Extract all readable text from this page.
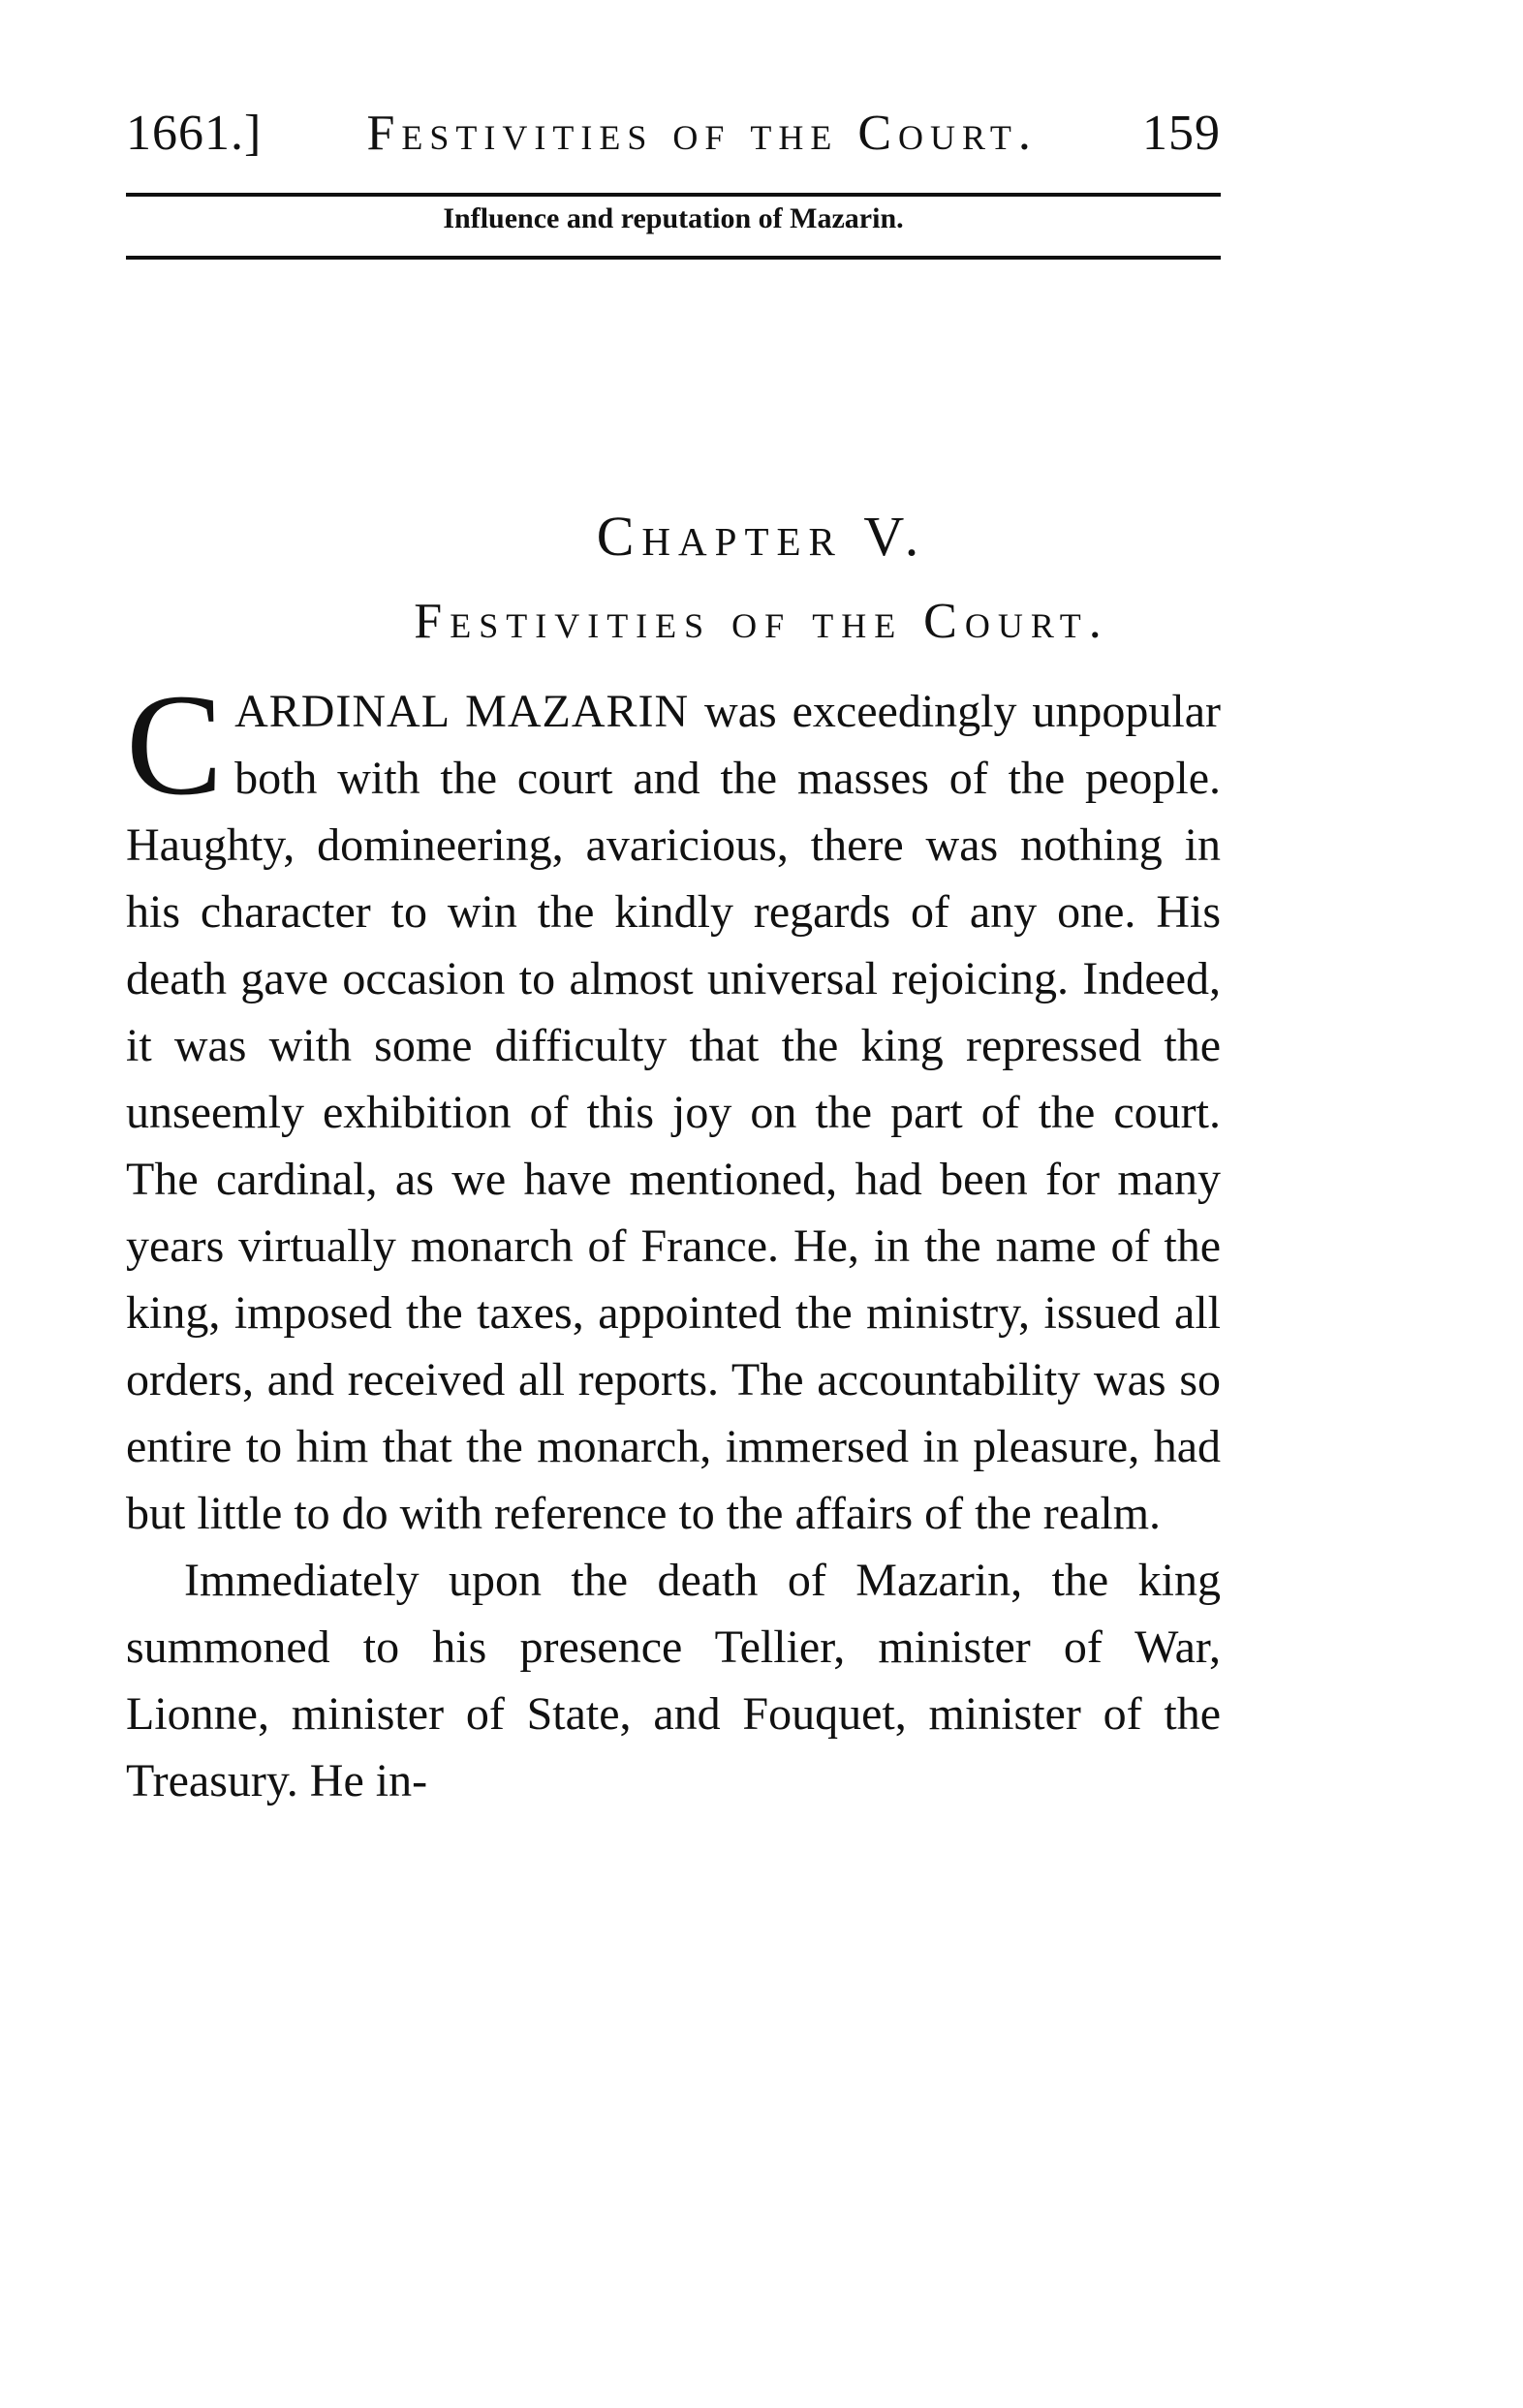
1661.] Festivities of the Court. 159
Influence and reputation of Mazarin.
Chapter V.
Festivities of the Court.

CARDINAL MAZARIN was exceedingly unpopular both with the court and the masses of the people. Haughty, domineering, avaricious, there was nothing in his character to win the kindly regards of any one. His death gave occasion to almost universal rejoicing. Indeed, it was with some difficulty that the king repressed the unseemly exhibition of this joy on the part of the court. The cardinal, as we have mentioned, had been for many years virtually monarch of France. He, in the name of the king, imposed the taxes, appointed the ministry, issued all orders, and received all reports. The accountability was so entire to him that the monarch, immersed in pleasure, had but little to do with reference to the affairs of the realm.

Immediately upon the death of Mazarin, the king summoned to his presence Tellier, minister of War, Lionne, minister of State, and Fouquet, minister of the Treasury. He in-
